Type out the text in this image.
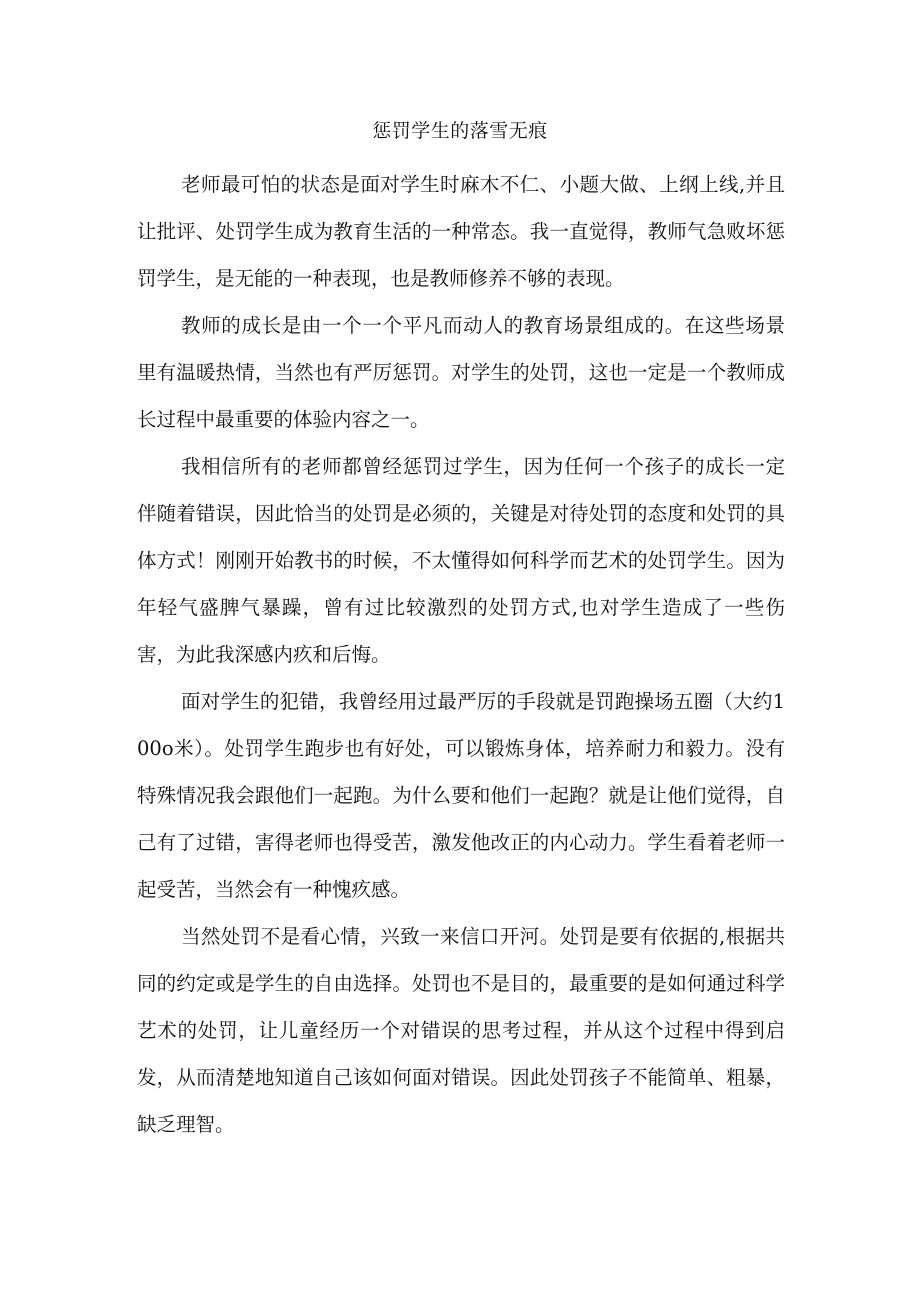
惩罚学生的落雪无痕

老师最可怕的状态是面对学生时麻木不仁、小题大做、上纲上线,并且让批评、处罚学生成为教育生活的一种常态。我一直觉得，教师气急败坏惩罚学生，是无能的一种表现，也是教师修养不够的表现。

教师的成长是由一个一个平凡而动人的教育场景组成的。在这些场景里有温暖热情，当然也有严厉惩罚。对学生的处罚，这也一定是一个教师成长过程中最重要的体验内容之一。

我相信所有的老师都曾经惩罚过学生，因为任何一个孩子的成长一定伴随着错误，因此恰当的处罚是必须的，关键是对待处罚的态度和处罚的具体方式！刚刚开始教书的时候，不太懂得如何科学而艺术的处罚学生。因为年轻气盛脾气暴躁，曾有过比较激烈的处罚方式,也对学生造成了一些伤害，为此我深感内疚和后悔。

面对学生的犯错，我曾经用过最严厉的手段就是罚跑操场五圈（大约100o米）。处罚学生跑步也有好处，可以锻炼身体，培养耐力和毅力。没有特殊情况我会跟他们一起跑。为什么要和他们一起跑？就是让他们觉得，自己有了过错，害得老师也得受苦，激发他改正的内心动力。学生看着老师一起受苦，当然会有一种愧疚感。

当然处罚不是看心情，兴致一来信口开河。处罚是要有依据的,根据共同的约定或是学生的自由选择。处罚也不是目的，最重要的是如何通过科学艺术的处罚，让儿童经历一个对错误的思考过程，并从这个过程中得到启发，从而清楚地知道自己该如何面对错误。因此处罚孩子不能简单、粗暴，缺乏理智。
